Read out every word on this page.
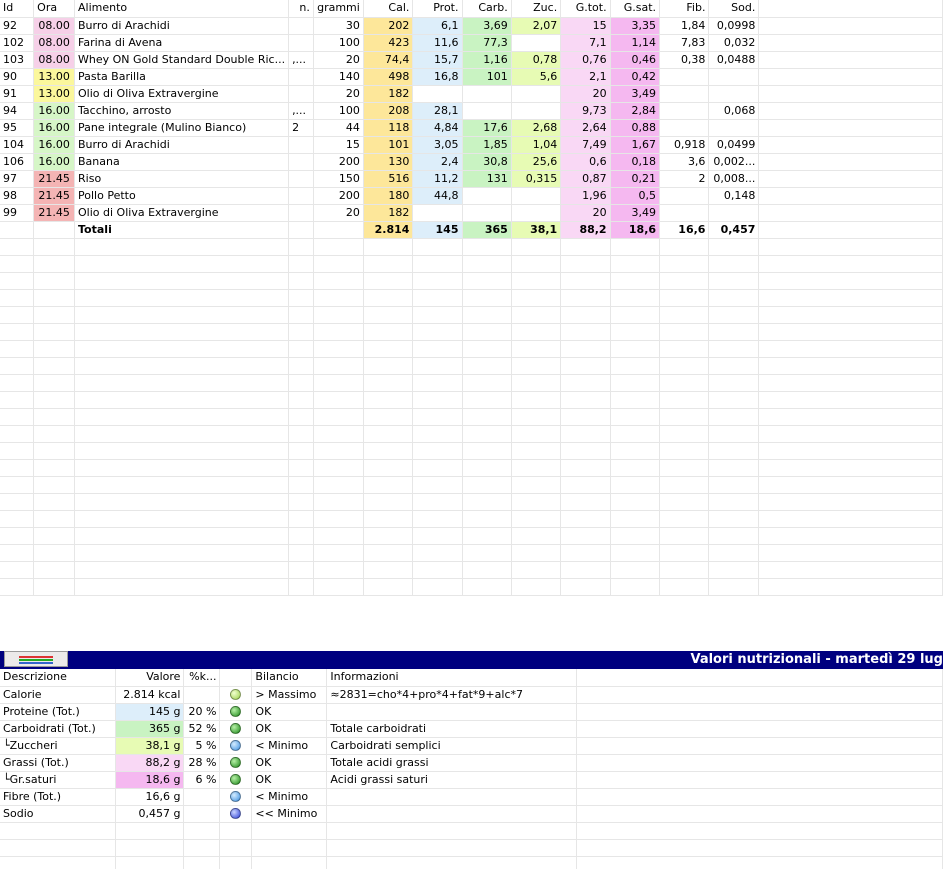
Id	Ora	Alimento	n.	grammi	Cal.	Prot.	Carb.	Zuc.	G.tot.	G.sat.	Fib.	Sod.	
92	08.00	Burro di Arachidi		30	202	6,1	3,69	2,07	15	3,35	1,84	0,0998	
102	08.00	Farina di Avena		100	423	11,6	77,3		7,1	1,14	7,83	0,032	
103	08.00	Whey ON Gold Standard Double Ric...	,...	20	74,4	15,7	1,16	0,78	0,76	0,46	0,38	0,0488	
90	13.00	Pasta Barilla		140	498	16,8	101	5,6	2,1	0,42			
91	13.00	Olio di Oliva Extravergine		20	182				20	3,49			
94	16.00	Tacchino, arrosto	,...	100	208	28,1			9,73	2,84		0,068	
95	16.00	Pane integrale (Mulino Bianco)	2	44	118	4,84	17,6	2,68	2,64	0,88			
104	16.00	Burro di Arachidi		15	101	3,05	1,85	1,04	7,49	1,67	0,918	0,0499	
106	16.00	Banana		200	130	2,4	30,8	25,6	0,6	0,18	3,6	0,002...	
97	21.45	Riso		150	516	11,2	131	0,315	0,87	0,21	2	0,008...	
98	21.45	Pollo Petto		200	180	44,8			1,96	0,5		0,148	
99	21.45	Olio di Oliva Extravergine		20	182				20	3,49			
		Totali			2.814	145	365	38,1	88,2	18,6	16,6	0,457	

Valori nutrizionali - martedì 29 lug
Descrizione	Valore	%k...		Bilancio	Informazioni	
Calorie	2.814 kcal			> Massimo	≈2831=cho*4+pro*4+fat*9+alc*7	
Proteine (Tot.)	145 g	20 %		OK		
Carboidrati (Tot.)	365 g	52 %		OK	Totale carboidrati	
└Zuccheri	38,1 g	5 %		< Minimo	Carboidrati semplici	
Grassi (Tot.)	88,2 g	28 %		OK	Totale acidi grassi	
└Gr.saturi	18,6 g	6 %		OK	Acidi grassi saturi	
Fibre (Tot.)	16,6 g			< Minimo		
Sodio	0,457 g			<< Minimo		
